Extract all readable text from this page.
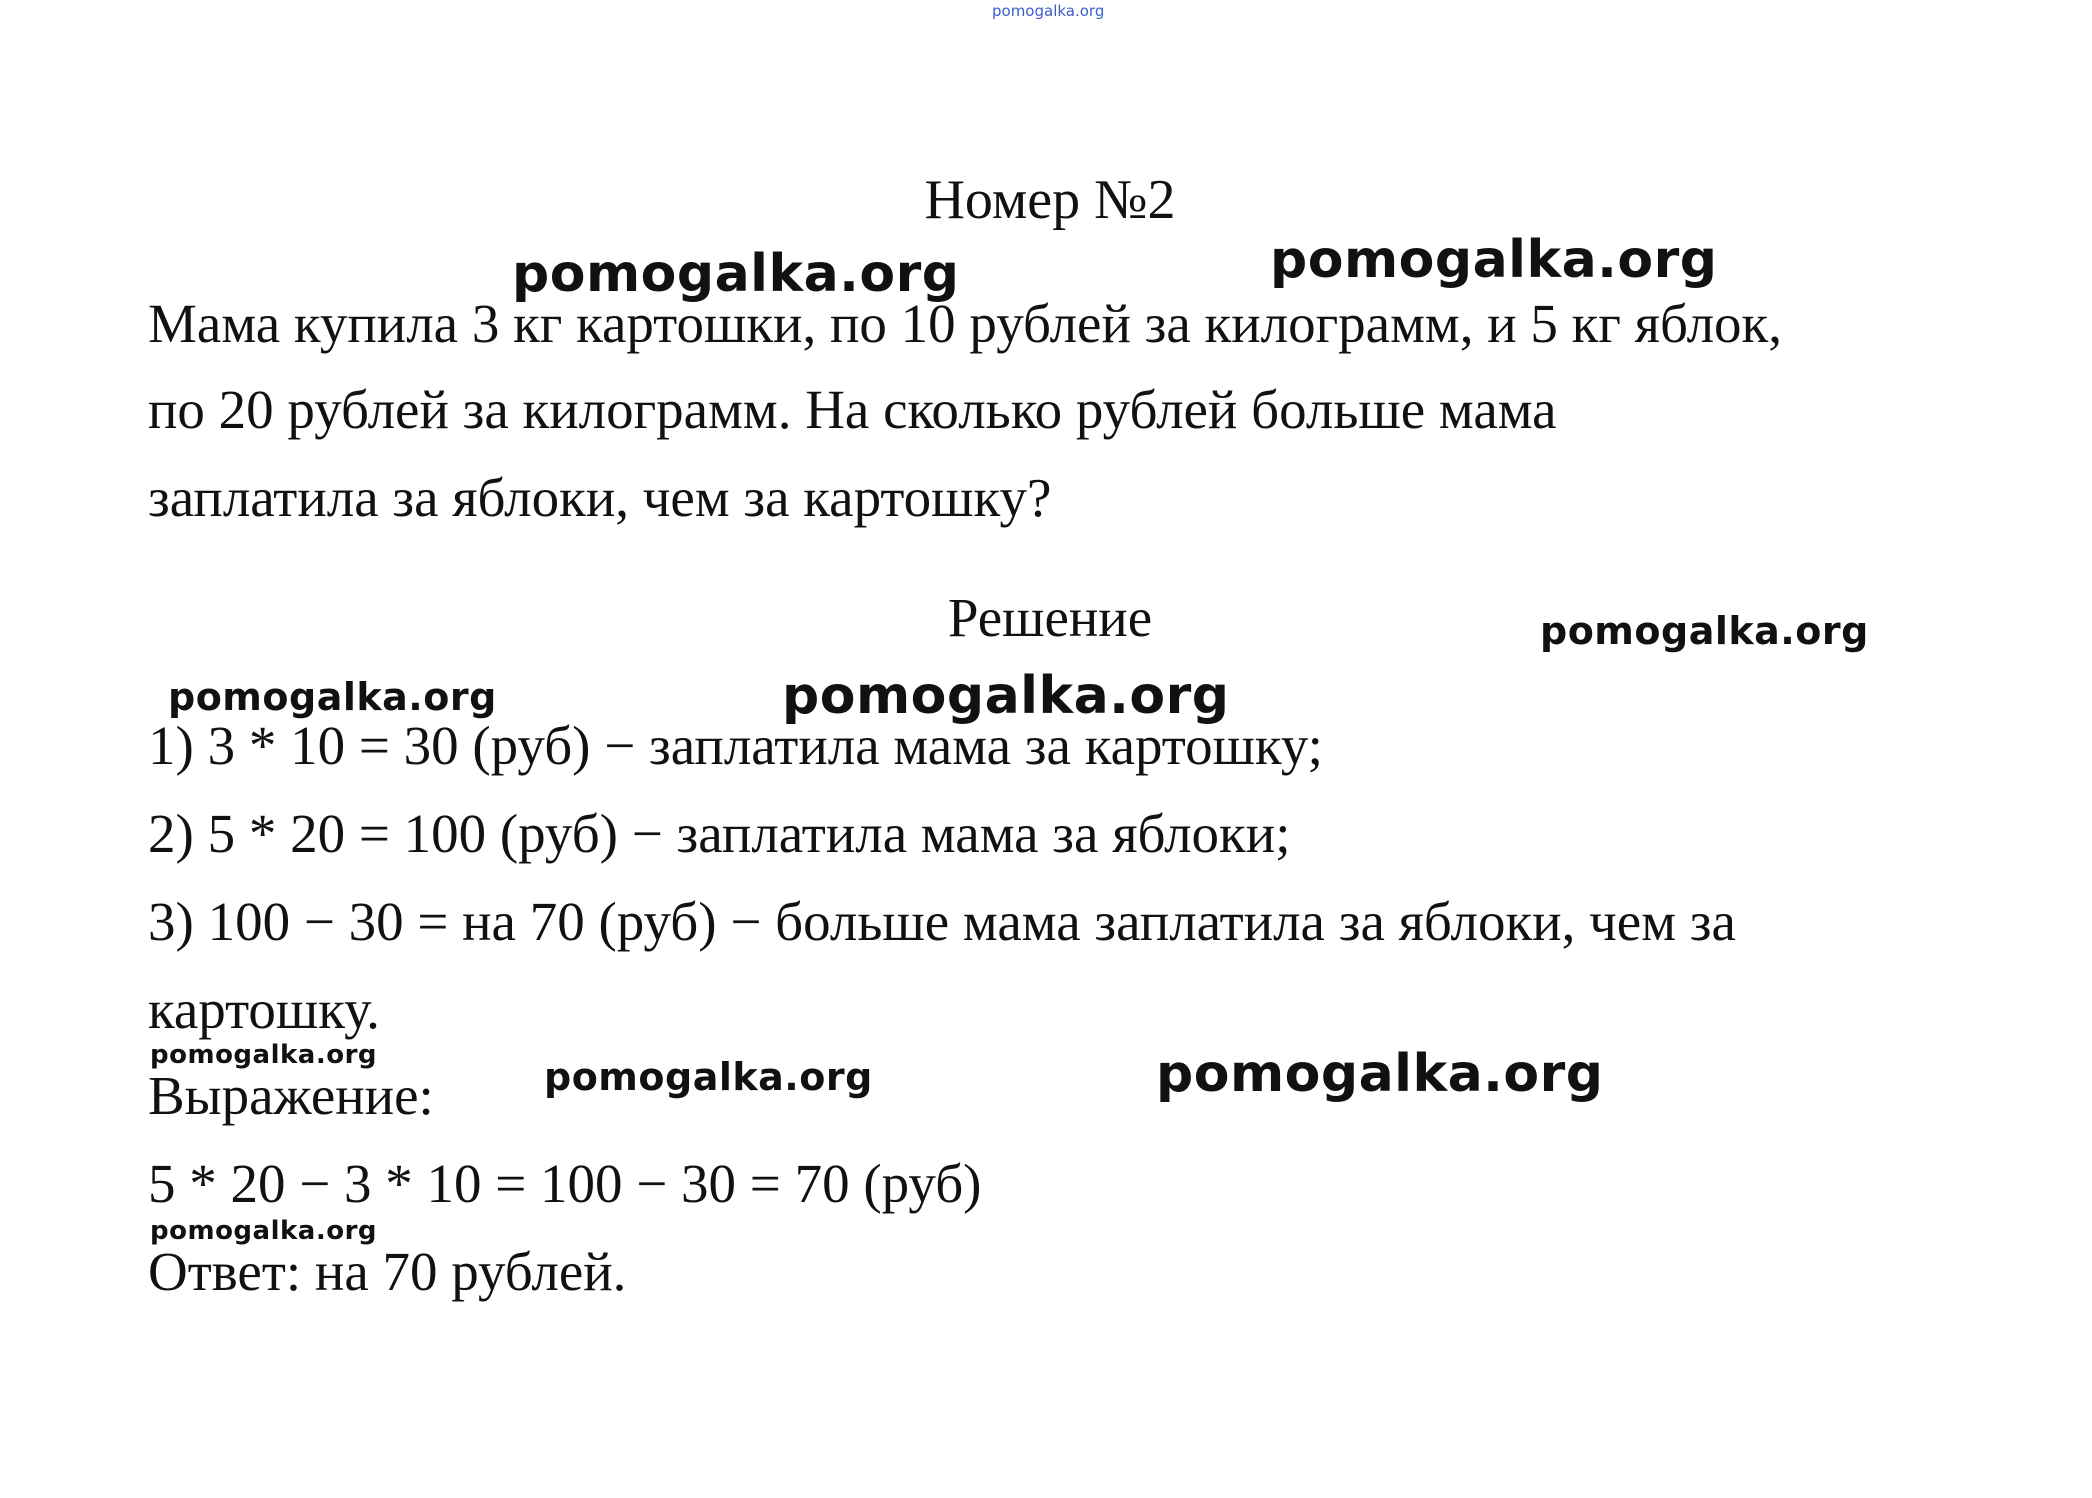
pomogalka.org
Номер №2
Мама купила 3 кг картошки, по 10 рублей за килограмм, и 5 кг яблок,
по 20 рублей за килограмм. На сколько рублей больше мама
заплатила за яблоки, чем за картошку?
Решение
1) 3 * 10 = 30 (руб) − заплатила мама за картошку;
2) 5 * 20 = 100 (руб) − заплатила мама за яблоки;
3) 100 − 30 = на 70 (руб) − больше мама заплатила за яблоки, чем за
картошку.
Выражение:
5 * 20 − 3 * 10 = 100 − 30 = 70 (руб)
Ответ: на 70 рублей.
pomogalka.org	pomogalka.org
pomogalka.org
pomogalka.org	pomogalka.org
pomogalka.org	pomogalka.org	pomogalka.org
pomogalka.org
